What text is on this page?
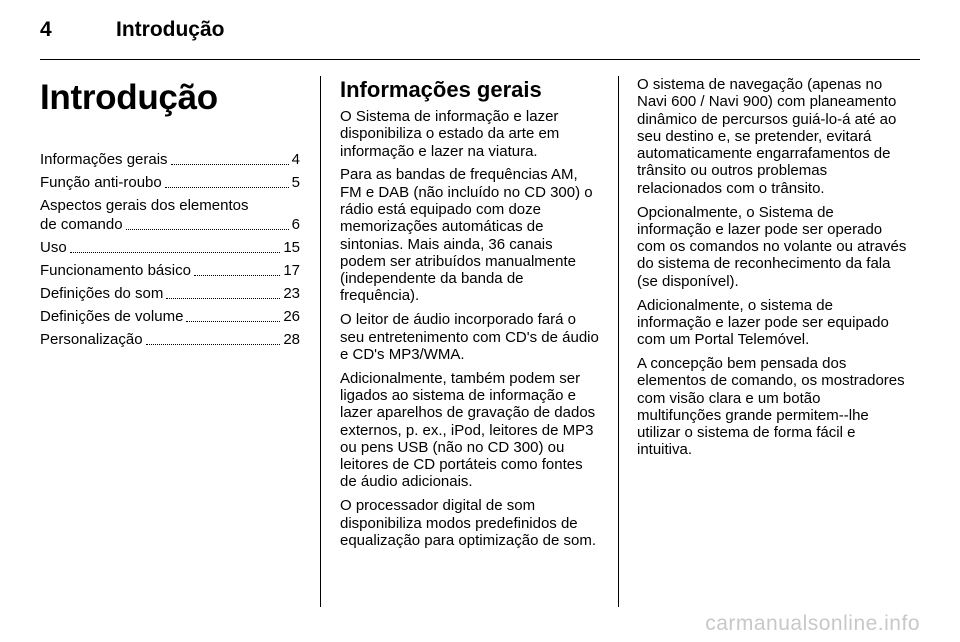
4	Introdução
Introdução
Informações gerais	4
Função anti-roubo	5
Aspectos gerais dos elementos
de comando	6
Uso	15
Funcionamento básico	17
Definições do som	23
Definições de volume	26
Personalização	28
Informações gerais

O Sistema de informação e lazer disponibiliza o estado da arte em informação e lazer na viatura.

Para as bandas de frequências AM, FM e DAB (não incluído no CD 300) o rádio está equipado com doze memorizações automáticas de sintonias. Mais ainda, 36 canais podem ser atribuídos manualmente (independente da banda de frequência).

O leitor de áudio incorporado fará o seu entretenimento com CD's de áudio e CD's MP3/WMA.

Adicionalmente, também podem ser ligados ao sistema de informação e lazer aparelhos de gravação de dados externos, p. ex., iPod, leitores de MP3 ou pens USB (não no CD 300) ou leitores de CD portáteis como fontes de áudio adicionais.

O processador digital de som disponibiliza modos predefinidos de equalização para optimização de som.

O sistema de navegação (apenas no Navi 600 / Navi 900) com planeamento dinâmico de percursos guiá-lo-á até ao seu destino e, se pretender, evitará automaticamente engarrafamentos de trânsito ou outros problemas relacionados com o trânsito.

Opcionalmente, o Sistema de informação e lazer pode ser operado com os comandos no volante ou através do sistema de reconhecimento da fala (se disponível).

Adicionalmente, o sistema de informação e lazer pode ser equipado com um Portal Telemóvel.

A concepção bem pensada dos elementos de comando, os mostradores com visão clara e um botão multifunções grande permitem--lhe utilizar o sistema de forma fácil e intuitiva.

carmanualsonline.info
